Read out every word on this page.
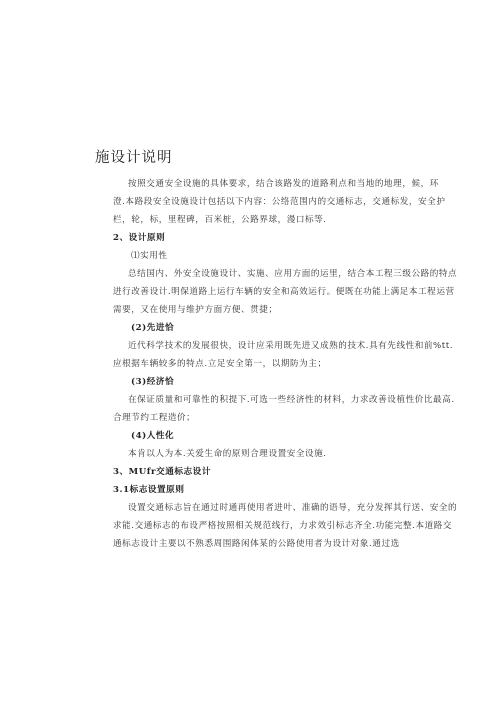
施设计说明
按照交通安全设施的具体要求，结合该路发的道路利点和当地的地理，候，环
澄.本路段安全设施设计包括以下内容：公络范围内的交通标志，交通标发，安全护
栏，轮，标，里程碑，百米桩，公路界球，漫口标等.
2、设计原则
⑴实用性
总结国内、外安全设施设计、实施、应用方面的运里，结合本工程三级公路的特点
进行改善设计.明保道路上运行车辆的安全和高效运行。便既在功能上满足本工程运营
需要，又在使用与维护方面方便、贯捷；
(2)先进恰
近代科学技术的发展很快，设计应采用既先进又成熟的技术.具有先线性和前%tt.
应根据车辆较多的特点.立足安全第一，以期防为主；
(3)经济恰
在保证质量和可靠性的积提下.可选一些经济性的材料，力求改善设植性价比最高.
合理节约工程造价；
(4)人性化
本肯以人为本.关爱生命的原则合理设置安全设施.
3、MUfr交通标志设计
3.1标志设置原则
设置交通标志旨在通过时通再使用者进叶、准确的语导，充分发挥其行送、安全的
求能.交通标志的布设严格按照相关规范线行，力求效引标志齐全.功能完整.本道路交
通标志设计主要以不熟悉周围路闲体某的公路使用者为设计对象.通过选
